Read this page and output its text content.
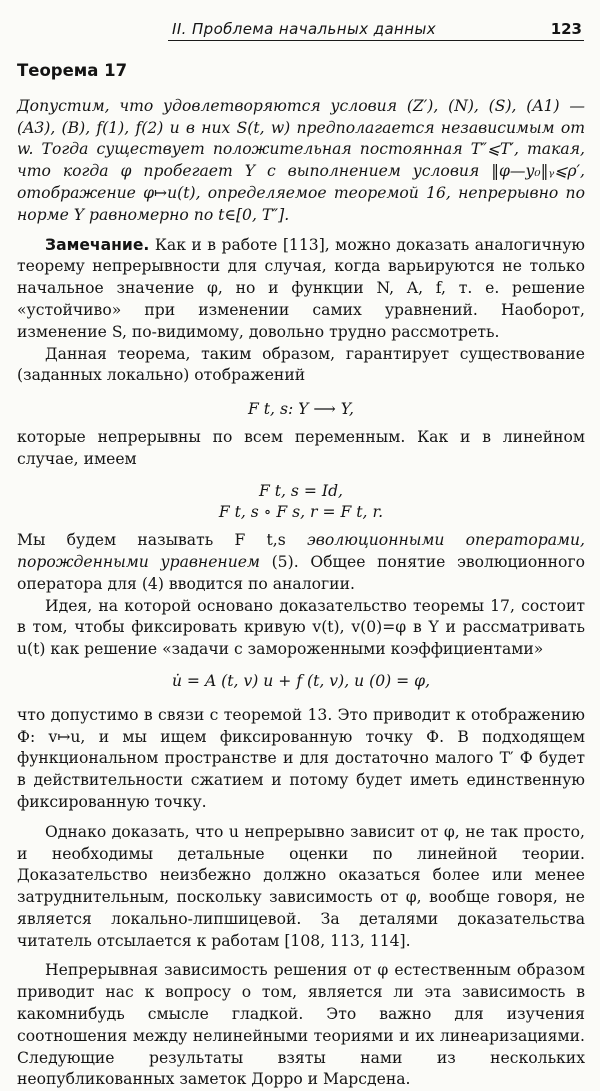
II. Проблема начальных данных	123
Теорема 17

Допустим, что удовлетворяются условия (Z′), (N), (S), (A1) — (A3), (B), f(1), f(2) и в них S(t, w) предполагается независимым от w. Тогда существует положительная постоянная T″⩽T′, такая, что когда φ пробегает Y с выполнением условия ‖φ—y₀‖ᵧ⩽ρ′, отображение φ↦u(t), определяемое теоремой 16, непрерывно по норме Y равномерно по t∈[0, T″].

Замечание. Как и в работе [113], можно доказать аналогичную теорему непрерывности для случая, когда варьируются не только начальное значение φ, но и функции N, A, f, т. е. решение «устойчиво» при изменении самих уравнений. Наоборот, изменение S, по-видимому, довольно трудно рассмотреть.

Данная теорема, таким образом, гарантирует существование (заданных локально) отображений

F t, s: Y ⟶ Y,

которые непрерывны по всем переменным. Как и в линейном случае, имеем

F t, s = Id,
F t, s ∘ F s, r = F t, r.

Мы будем называть F t,s эволюционными операторами, порожденными уравнением (5). Общее понятие эволюционного оператора для (4) вводится по аналогии.

Идея, на которой основано доказательство теоремы 17, состоит в том, чтобы фиксировать кривую v(t), v(0)=φ в Y и рассматривать u(t) как решение «задачи с замороженными коэффициентами»

u̇ = A (t, v) u + f (t, v), u (0) = φ,

что допустимо в связи с теоремой 13. Это приводит к отображению Ф: v↦u, и мы ищем фиксированную точку Ф. В подходящем функциональном пространстве и для достаточно малого T′ Ф будет в действительности сжатием и потому будет иметь единственную фиксированную точку.

Однако доказать, что u непрерывно зависит от φ, не так просто, и необходимы детальные оценки по линейной теории. Доказательство неизбежно должно оказаться более или менее затруднительным, поскольку зависимость от φ, вообще говоря, не является локально-липшицевой. За деталями доказательства читатель отсылается к работам [108, 113, 114].

Непрерывная зависимость решения от φ естественным образом приводит нас к вопросу о том, является ли эта зависимость в какомнибудь смысле гладкой. Это важно для изучения соотношения между нелинейными теориями и их линеаризациями. Следующие результаты взяты нами из нескольких неопубликованных заметок Дорро и Марсдена.
